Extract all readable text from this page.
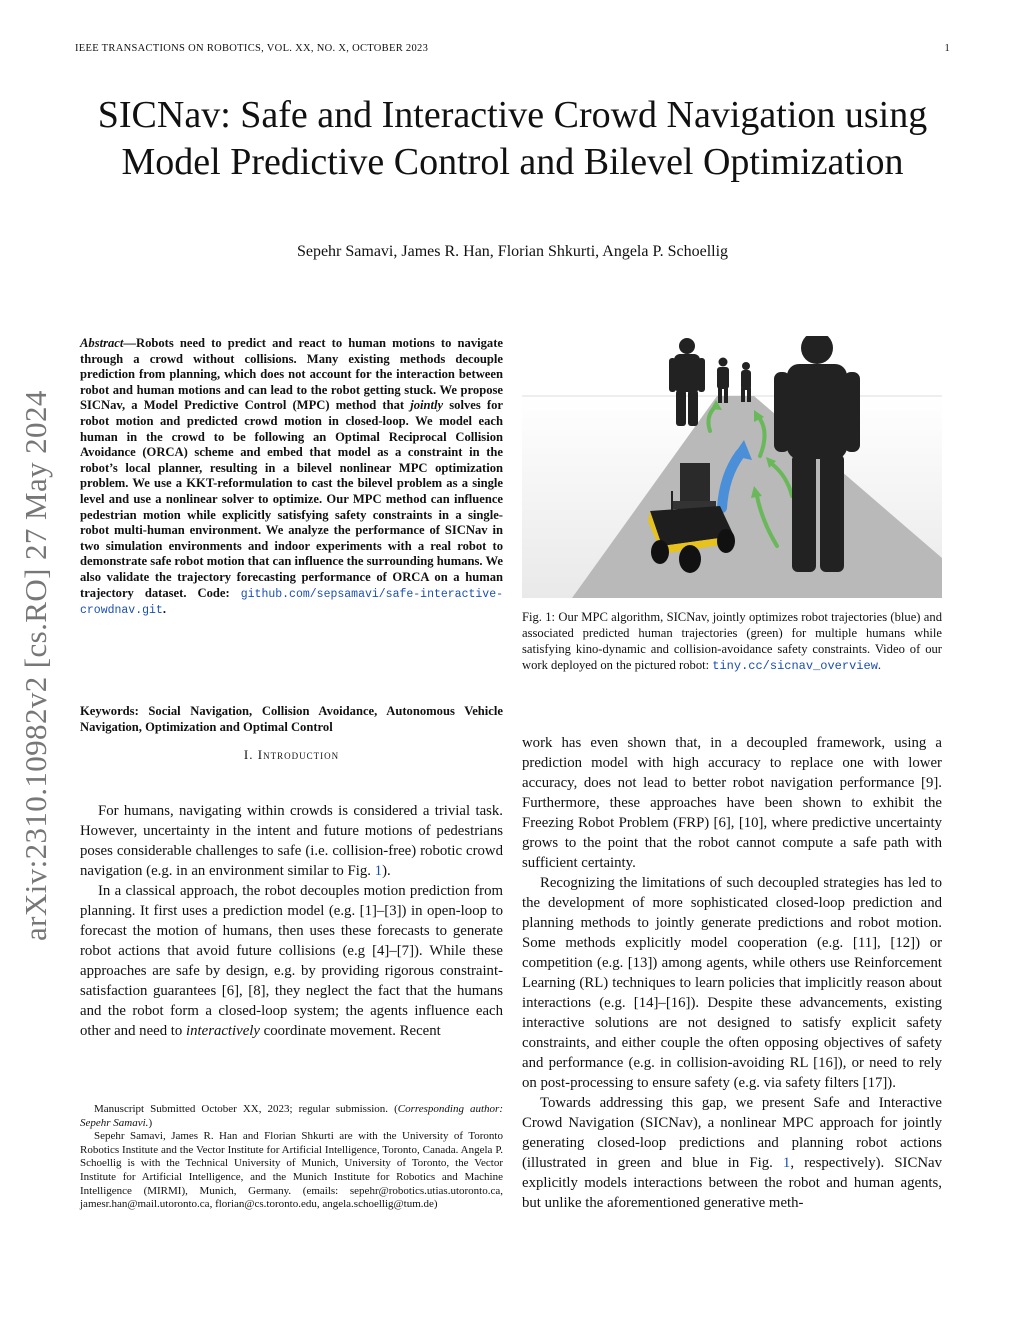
IEEE TRANSACTIONS ON ROBOTICS, VOL. XX, NO. X, OCTOBER 2023	1
SICNav: Safe and Interactive Crowd Navigation using Model Predictive Control and Bilevel Optimization
Sepehr Samavi, James R. Han, Florian Shkurti, Angela P. Schoellig
arXiv:2310.10982v2 [cs.RO] 27 May 2024
Abstract—Robots need to predict and react to human motions to navigate through a crowd without collisions. Many existing methods decouple prediction from planning, which does not account for the interaction between robot and human motions and can lead to the robot getting stuck. We propose SICNav, a Model Predictive Control (MPC) method that jointly solves for robot motion and predicted crowd motion in closed-loop. We model each human in the crowd to be following an Optimal Reciprocal Collision Avoidance (ORCA) scheme and embed that model as a constraint in the robot’s local planner, resulting in a bilevel nonlinear MPC optimization problem. We use a KKT-reformulation to cast the bilevel problem as a single level and use a nonlinear solver to optimize. Our MPC method can influence pedestrian motion while explicitly satisfying safety constraints in a single-robot multi-human environment. We analyze the performance of SICNav in two simulation environments and indoor experiments with a real robot to demonstrate safe robot motion that can influence the surrounding humans. We also validate the trajectory forecasting performance of ORCA on a human trajectory dataset. Code: github.com/sepsamavi/safe-interactive-crowdnav.git.
Keywords: Social Navigation, Collision Avoidance, Autonomous Vehicle Navigation, Optimization and Optimal Control
I. Introduction

For humans, navigating within crowds is considered a trivial task. However, uncertainty in the intent and future motions of pedestrians poses considerable challenges to safe (i.e. collision-free) robotic crowd navigation (e.g. in an environment similar to Fig. 1).

In a classical approach, the robot decouples motion prediction from planning. It first uses a prediction model (e.g. [1]–[3]) in open-loop to forecast the motion of humans, then uses these forecasts to generate robot actions that avoid future collisions (e.g [4]–[7]). While these approaches are safe by design, e.g. by providing rigorous constraint-satisfaction guarantees [6], [8], they neglect the fact that the humans and the robot form a closed-loop system; the agents influence each other and need to interactively coordinate movement. Recent

Manuscript Submitted October XX, 2023; regular submission. (Corresponding author: Sepehr Samavi.)

Sepehr Samavi, James R. Han and Florian Shkurti are with the University of Toronto Robotics Institute and the Vector Institute for Artificial Intelligence, Toronto, Canada. Angela P. Schoellig is with the Technical University of Munich, University of Toronto, the Vector Institute for Artificial Intelligence, and the Munich Institute for Robotics and Machine Intelligence (MIRMI), Munich, Germany. (emails: sepehr@robotics.utias.utoronto.ca, jamesr.han@mail.utoronto.ca, florian@cs.toronto.edu, angela.schoellig@tum.de)

Fig. 1: Our MPC algorithm, SICNav, jointly optimizes robot trajectories (blue) and associated predicted human trajectories (green) for multiple humans while satisfying kino-dynamic and collision-avoidance safety constraints. Video of our work deployed on the pictured robot: tiny.cc/sicnav_overview.

work has even shown that, in a decoupled framework, using a prediction model with high accuracy to replace one with lower accuracy, does not lead to better robot navigation performance [9]. Furthermore, these approaches have been shown to exhibit the Freezing Robot Problem (FRP) [6], [10], where predictive uncertainty grows to the point that the robot cannot compute a safe path with sufficient certainty.

Recognizing the limitations of such decoupled strategies has led to the development of more sophisticated closed-loop prediction and planning methods to jointly generate predictions and robot motion. Some methods explicitly model cooperation (e.g. [11], [12]) or competition (e.g. [13]) among agents, while others use Reinforcement Learning (RL) techniques to learn policies that implicitly reason about interactions (e.g. [14]–[16]). Despite these advancements, existing interactive solutions are not designed to satisfy explicit safety constraints, and either couple the often opposing objectives of safety and performance (e.g. in collision-avoiding RL [16]), or need to rely on post-processing to ensure safety (e.g. via safety filters [17]).

Towards addressing this gap, we present Safe and Interactive Crowd Navigation (SICNav), a nonlinear MPC approach for jointly generating closed-loop predictions and planning robot actions (illustrated in green and blue in Fig. 1, respectively). SICNav explicitly models interactions between the robot and human agents, but unlike the aforementioned generative meth-
